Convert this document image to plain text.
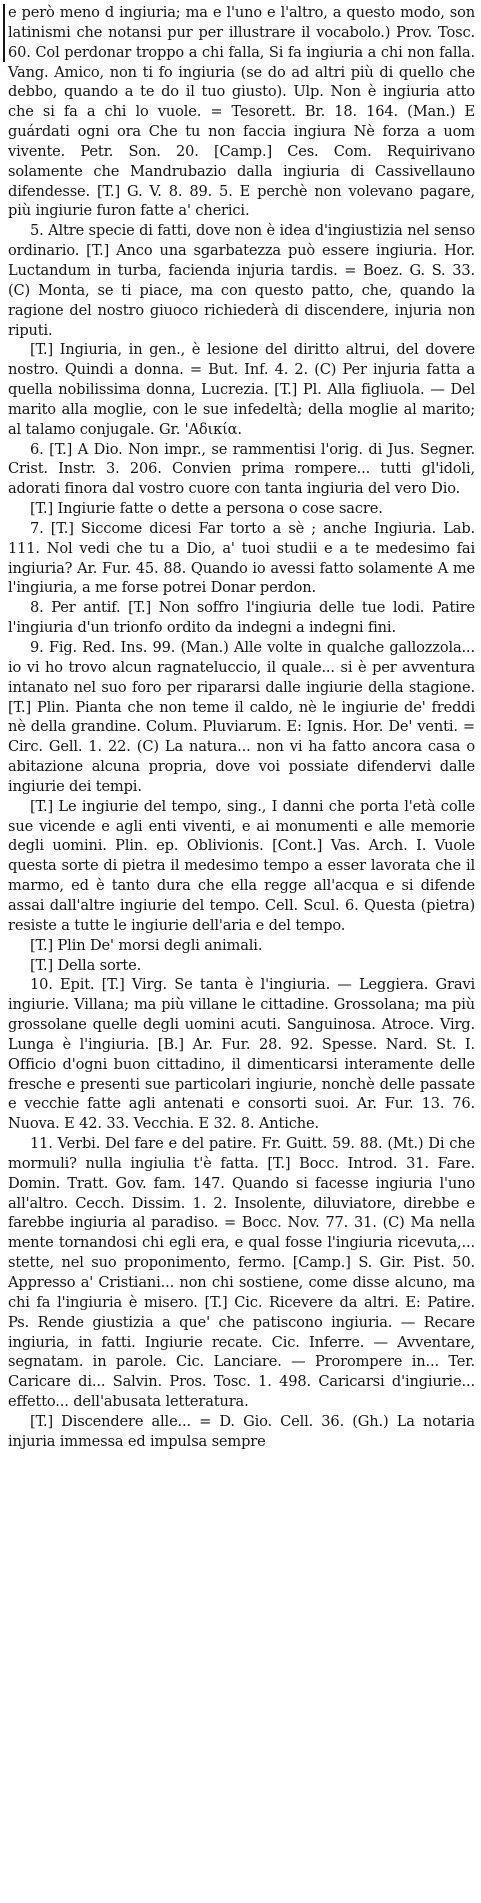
e però meno d ingiuria; ma e l'uno e l'altro, a questo modo, son latinismi che notansi pur per illustrare il vocabolo.) Prov. Tosc. 60. Col perdonar troppo a chi falla, Si fa ingiuria a chi non falla. Vang. Amico, non ti fo ingiuria (se do ad altri più di quello che debbo, quando a te do il tuo giusto). Ulp. Non è ingiuria atto che si fa a chi lo vuole. = Tesorett. Br. 18. 164. (Man.) E guárdati ogni ora Che tu non faccia ingiura Nè forza a uom vivente. Petr. Son. 20. [Camp.] Ces. Com. Requirivano solamente che Mandrubazio dalla ingiuria di Cassivellauno difendesse. [T.] G. V. 8. 89. 5. E perchè non volevano pagare, più ingiurie furon fatte a' cherici.

5. Altre specie di fatti, dove non è idea d'ingiustizia nel senso ordinario. [T.] Anco una sgarbatezza può essere ingiuria. Hor. Luctandum in turba, facienda injuria tardis. = Boez. G. S. 33. (C) Monta, se ti piace, ma con questo patto, che, quando la ragione del nostro giuoco richiederà di discendere, injuria non riputi.

[T.] Ingiuria, in gen., è lesione del diritto altrui, del dovere nostro. Quindi a donna. = But. Inf. 4. 2. (C) Per injuria fatta a quella nobilissima donna, Lucrezia. [T.] Pl. Alla figliuola. — Del marito alla moglie, con le sue infedeltà; della moglie al marito; al talamo conjugale. Gr. 'Αδικία.

6. [T.] A Dio. Non impr., se rammentisi l'orig. di Jus. Segner. Crist. Instr. 3. 206. Convien prima rompere... tutti gl'idoli, adorati finora dal vostro cuore con tanta ingiuria del vero Dio.

[T.] Ingiurie fatte o dette a persona o cose sacre.

7. [T.] Siccome dicesi Far torto a sè ; anche Ingiuria. Lab. 111. Nol vedi che tu a Dio, a' tuoi studii e a te medesimo fai ingiuria? Ar. Fur. 45. 88. Quando io avessi fatto solamente A me l'ingiuria, a me forse potrei Donar perdon.

8. Per antif. [T.] Non soffro l'ingiuria delle tue lodi. Patire l'ingiuria d'un trionfo ordito da indegni a indegni fini.

9. Fig. Red. Ins. 99. (Man.) Alle volte in qualche gallozzola... io vi ho trovo alcun ragnateluccio, il quale... si è per avventura intanato nel suo foro per ripararsi dalle ingiurie della stagione. [T.] Plin. Pianta che non teme il caldo, nè le ingiurie de' freddi nè della grandine. Colum. Pluviarum. E: Ignis. Hor. De' venti. = Circ. Gell. 1. 22. (C) La natura... non vi ha fatto ancora casa o abitazione alcuna propria, dove voi possiate difendervi dalle ingiurie dei tempi.

[T.] Le ingiurie del tempo, sing., I danni che porta l'età colle sue vicende e agli enti viventi, e ai monumenti e alle memorie degli uomini. Plin. ep. Oblivionis. [Cont.] Vas. Arch. I. Vuole questa sorte di pietra il medesimo tempo a esser lavorata che il marmo, ed è tanto dura che ella regge all'acqua e si difende assai dall'altre ingiurie del tempo. Cell. Scul. 6. Questa (pietra) resiste a tutte le ingiurie dell'aria e del tempo.

[T.] Plin De' morsi degli animali.

[T.] Della sorte.

10. Epit. [T.] Virg. Se tanta è l'ingiuria. — Leggiera. Gravi ingiurie. Villana; ma più villane le cittadine. Grossolana; ma più grossolane quelle degli uomini acuti. Sanguinosa. Atroce. Virg. Lunga è l'ingiuria. [B.] Ar. Fur. 28. 92. Spesse. Nard. St. I. Officio d'ogni buon cittadino, il dimenticarsi interamente delle fresche e presenti sue particolari ingiurie, nonchè delle passate e vecchie fatte agli antenati e consorti suoi. Ar. Fur. 13. 76. Nuova. E 42. 33. Vecchia. E 32. 8. Antiche.

11. Verbi. Del fare e del patire. Fr. Guitt. 59. 88. (Mt.) Di che mormuli? nulla ingiulia t'è fatta. [T.] Bocc. Introd. 31. Fare. Domin. Tratt. Gov. fam. 147. Quando si facesse ingiuria l'uno all'altro. Cecch. Dissim. 1. 2. Insolente, diluviatore, direbbe e farebbe ingiuria al paradiso. = Bocc. Nov. 77. 31. (C) Ma nella mente tornandosi chi egli era, e qual fosse l'ingiuria ricevuta,... stette, nel suo proponimento, fermo. [Camp.] S. Gir. Pist. 50. Appresso a' Cristiani... non chi sostiene, come disse alcuno, ma chi fa l'ingiuria è misero. [T.] Cic. Ricevere da altri. E: Patire. Ps. Rende giustizia a que' che patiscono ingiuria. — Recare ingiuria, in fatti. Ingiurie recate. Cic. Inferre. — Avventare, segnatam. in parole. Cic. Lanciare. — Prorompere in... Ter. Caricare di... Salvin. Pros. Tosc. 1. 498. Caricarsi d'ingiurie... effetto... dell'abusata letteratura.

[T.] Discendere alle... = D. Gio. Cell. 36. (Gh.) La notaria injuria immessa ed impulsa sempre
